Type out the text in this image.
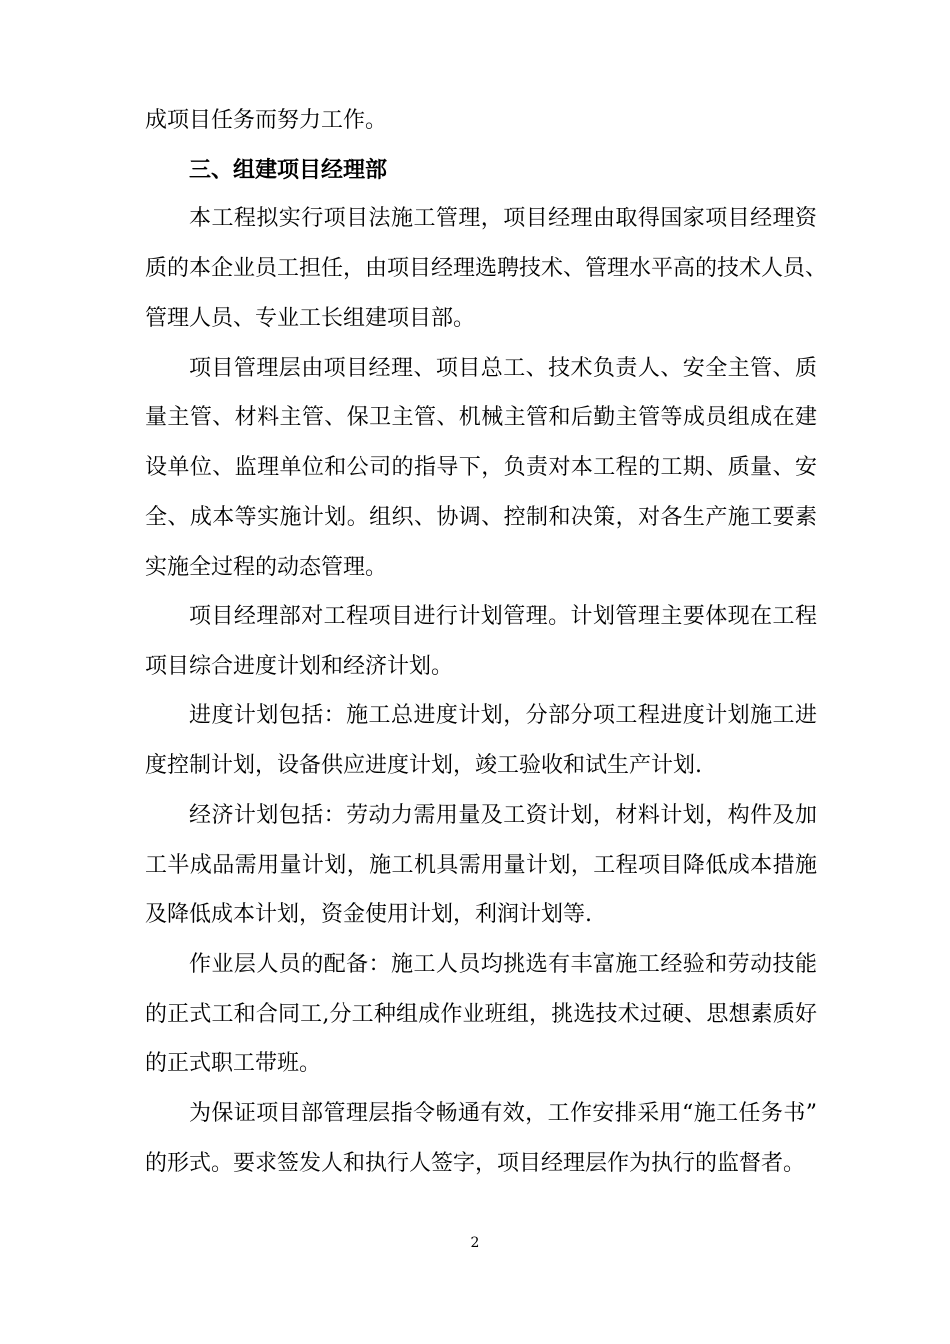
成项目任务而努力工作。
三、组建项目经理部
本工程拟实行项目法施工管理，项目经理由取得国家项目经理资
质的本企业员工担任，由项目经理选聘技术、管理水平高的技术人员、
管理人员、专业工长组建项目部。
项目管理层由项目经理、项目总工、技术负责人、安全主管、质
量主管、材料主管、保卫主管、机械主管和后勤主管等成员组成在建
设单位、监理单位和公司的指导下，负责对本工程的工期、质量、安
全、成本等实施计划。组织、协调、控制和决策，对各生产施工要素
实施全过程的动态管理。
项目经理部对工程项目进行计划管理。计划管理主要体现在工程
项目综合进度计划和经济计划。
进度计划包括：施工总进度计划，分部分项工程进度计划施工进
度控制计划，设备供应进度计划，竣工验收和试生产计划.
经济计划包括：劳动力需用量及工资计划，材料计划，构件及加
工半成品需用量计划，施工机具需用量计划，工程项目降低成本措施
及降低成本计划，资金使用计划，利润计划等.
作业层人员的配备：施工人员均挑选有丰富施工经验和劳动技能
的正式工和合同工,分工种组成作业班组，挑选技术过硬、思想素质好
的正式职工带班。
为保证项目部管理层指令畅通有效，工作安排采用“施工任务书”
的形式。要求签发人和执行人签字，项目经理层作为执行的监督者。
2
